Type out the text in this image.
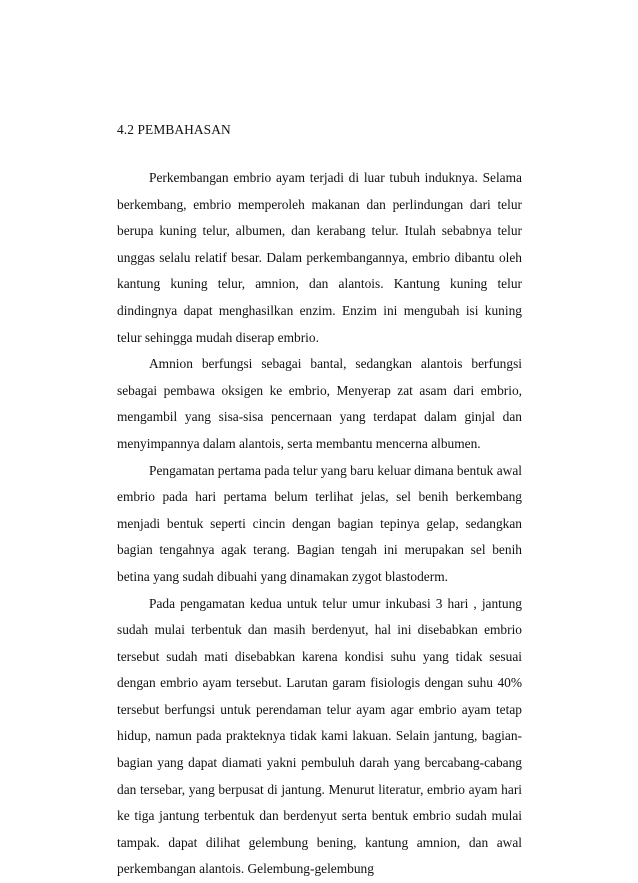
4.2 PEMBAHASAN

Perkembangan embrio ayam terjadi di luar tubuh induknya. Selama berkembang, embrio memperoleh makanan dan perlindungan dari telur berupa kuning telur, albumen, dan kerabang telur. Itulah sebabnya telur unggas selalu relatif besar. Dalam perkembangannya, embrio dibantu oleh kantung kuning telur, amnion, dan alantois. Kantung kuning telur dindingnya dapat menghasilkan enzim. Enzim ini mengubah isi kuning telur sehingga mudah diserap embrio.

Amnion berfungsi sebagai bantal, sedangkan alantois berfungsi sebagai pembawa oksigen ke embrio, Menyerap zat asam dari embrio, mengambil yang sisa-sisa pencernaan yang terdapat dalam ginjal dan menyimpannya dalam alantois, serta membantu mencerna albumen.

Pengamatan pertama pada telur yang baru keluar dimana bentuk awal embrio pada hari pertama belum terlihat jelas, sel benih berkembang menjadi bentuk seperti cincin dengan bagian tepinya gelap, sedangkan bagian tengahnya agak terang. Bagian tengah ini merupakan sel benih betina yang sudah dibuahi yang dinamakan zygot blastoderm.

Pada pengamatan kedua untuk telur umur inkubasi 3 hari , jantung sudah mulai terbentuk dan masih berdenyut, hal ini disebabkan embrio tersebut sudah mati disebabkan karena kondisi suhu yang tidak sesuai dengan embrio ayam tersebut. Larutan garam fisiologis dengan suhu 40% tersebut berfungsi untuk perendaman telur ayam agar embrio ayam tetap hidup, namun pada prakteknya tidak kami lakuan. Selain jantung, bagian-bagian yang dapat diamati yakni pembuluh darah yang bercabang-cabang dan tersebar, yang berpusat di jantung. Menurut literatur, embrio ayam hari ke tiga jantung terbentuk dan berdenyut serta bentuk embrio sudah mulai tampak. dapat dilihat gelembung bening, kantung amnion, dan awal perkembangan alantois. Gelembung-gelembung
